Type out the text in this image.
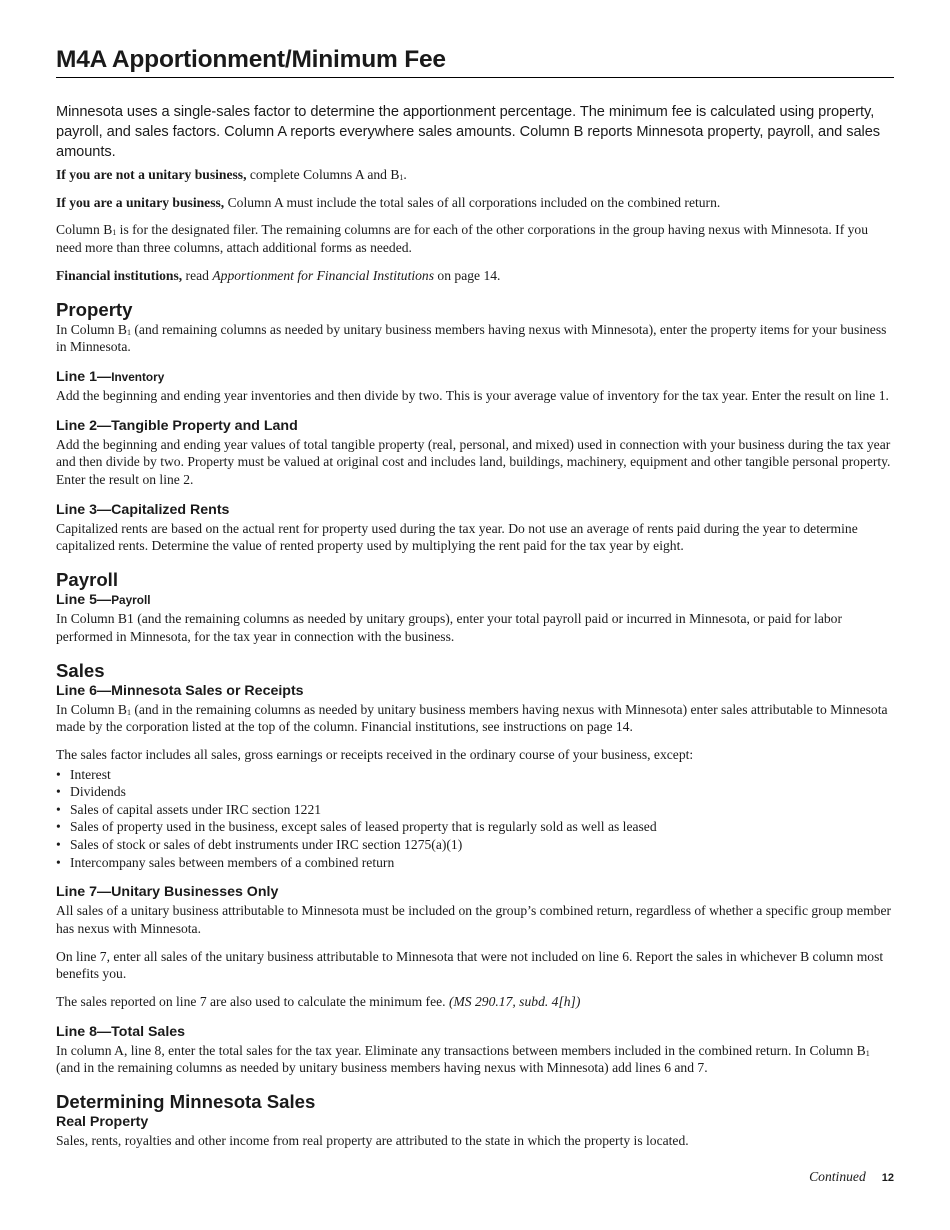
M4A Apportionment/Minimum Fee
Minnesota uses a single-sales factor to determine the apportionment percentage. The minimum fee is calculated using property, payroll, and sales factors. Column A reports everywhere sales amounts. Column B reports Minnesota property, payroll, and sales amounts.

If you are not a unitary business, complete Columns A and $B_1$.

If you are a unitary business, Column A must include the total sales of all corporations included on the combined return.

Column $B_1$ is for the designated filer. The remaining columns are for each of the other corporations in the group having nexus with Minnesota. If you need more than three columns, attach additional forms as needed.

Financial institutions, read Apportionment for Financial Institutions on page 14.

Property

In Column $B_1$ (and remaining columns as needed by unitary business members having nexus with Minnesota), enter the property items for your business in Minnesota.

Line 1—Inventory

Add the beginning and ending year inventories and then divide by two. This is your average value of inventory for the tax year. Enter the result on line 1.

Line 2—Tangible Property and Land

Add the beginning and ending year values of total tangible property (real, personal, and mixed) used in connection with your business during the tax year and then divide by two. Property must be valued at original cost and includes land, buildings, machinery, equipment and other tangible personal property. Enter the result on line 2.

Line 3—Capitalized Rents

Capitalized rents are based on the actual rent for property used during the tax year. Do not use an average of rents paid during the year to determine capitalized rents. Determine the value of rented property used by multiplying the rent paid for the tax year by eight.

Payroll
Line 5—Payroll

In Column B1 (and the remaining columns as needed by unitary groups), enter your total payroll paid or incurred in Minnesota, or paid for labor performed in Minnesota, for the tax year in connection with the business.

Sales
Line 6—Minnesota Sales or Receipts

In Column $B_1$ (and in the remaining columns as needed by unitary business members having nexus with Minnesota) enter sales attributable to Minnesota made by the corporation listed at the top of the column. Financial institutions, see instructions on page 14.

The sales factor includes all sales, gross earnings or receipts received in the ordinary course of your business, except:

• Interest
• Dividends
• Sales of capital assets under IRC section 1221
• Sales of property used in the business, except sales of leased property that is regularly sold as well as leased
• Sales of stock or sales of debt instruments under IRC section 1275(a)(1)
• Intercompany sales between members of a combined return
Line 7—Unitary Businesses Only

All sales of a unitary business attributable to Minnesota must be included on the group’s combined return, regardless of whether a specific group member has nexus with Minnesota.

On line 7, enter all sales of the unitary business attributable to Minnesota that were not included on line 6. Report the sales in whichever B column most benefits you.

The sales reported on line 7 are also used to calculate the minimum fee. (MS 290.17, subd. 4[h])

Line 8—Total Sales

In column A, line 8, enter the total sales for the tax year. Eliminate any transactions between members included in the combined return. In Column $B_1$ (and in the remaining columns as needed by unitary business members having nexus with Minnesota) add lines 6 and 7.

Determining Minnesota Sales
Real Property

Sales, rents, royalties and other income from real property are attributed to the state in which the property is located.

Continued 12
